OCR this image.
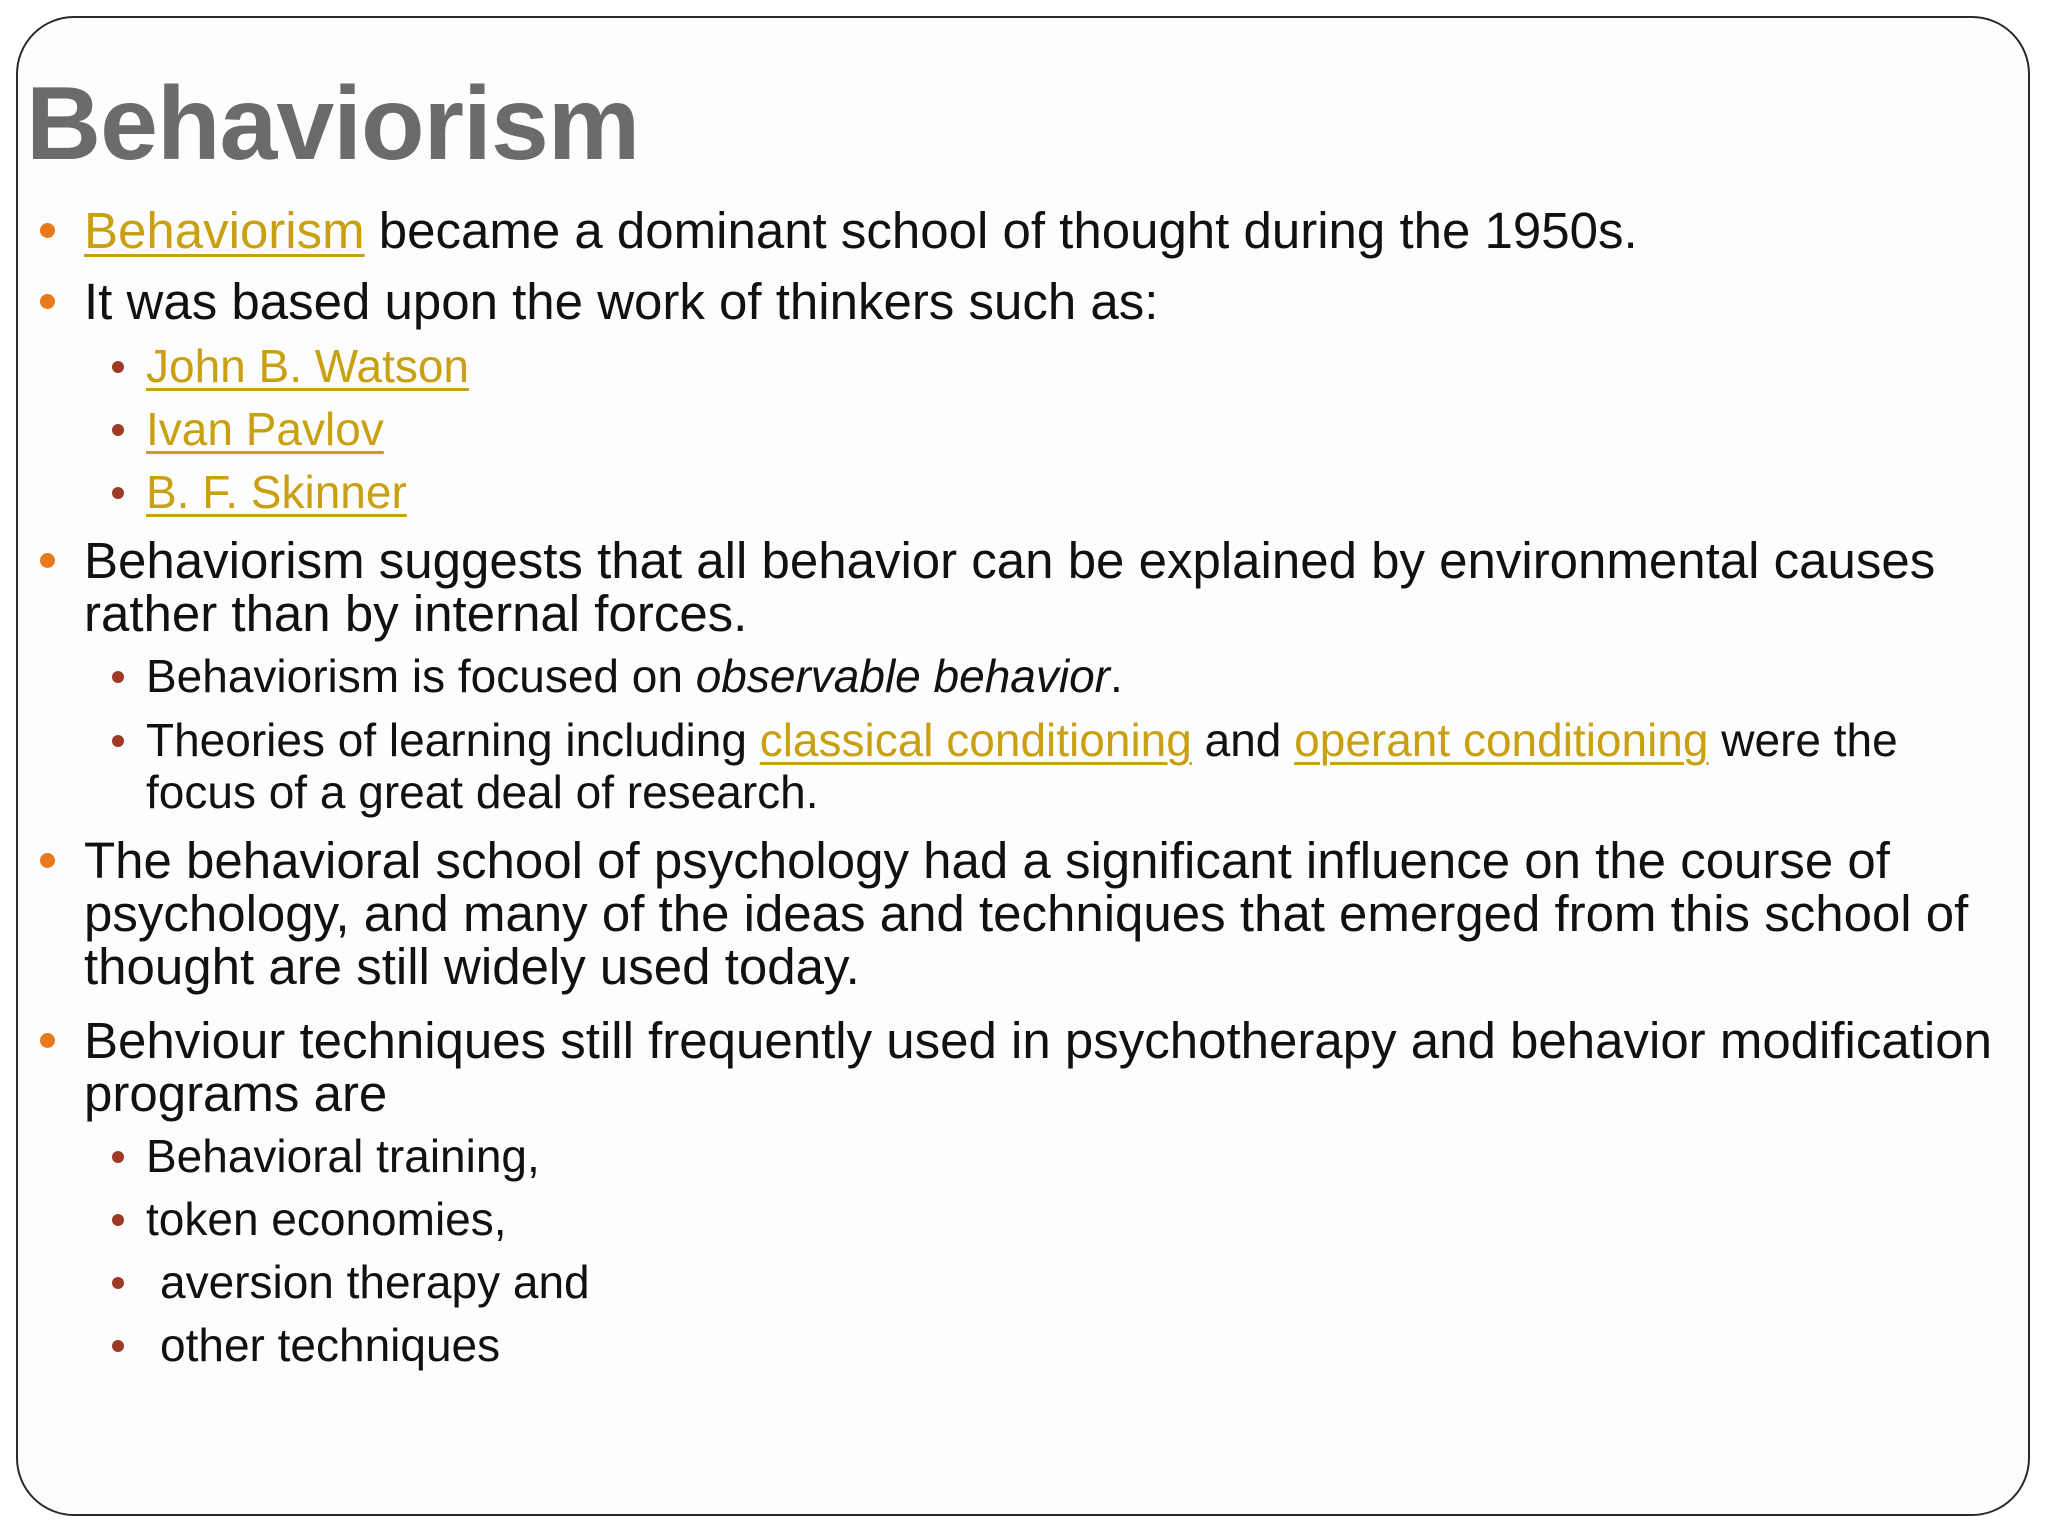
Behaviorism

Behaviorism became a dominant school of thought during the 1950s.

It was based upon the work of thinkers such as:

John B. Watson

Ivan Pavlov

B. F. Skinner

Behaviorism suggests that all behavior can be explained by environmental causes rather than by internal forces.

Behaviorism is focused on observable behavior.

Theories of learning including classical conditioning and operant conditioning were the focus of a great deal of research.

The behavioral school of psychology had a significant influence on the course of psychology, and many of the ideas and techniques that emerged from this school of thought are still widely used today.

Behviour techniques still frequently used in psychotherapy and behavior modification programs are

Behavioral training,

token economies,

aversion therapy and

other techniques
